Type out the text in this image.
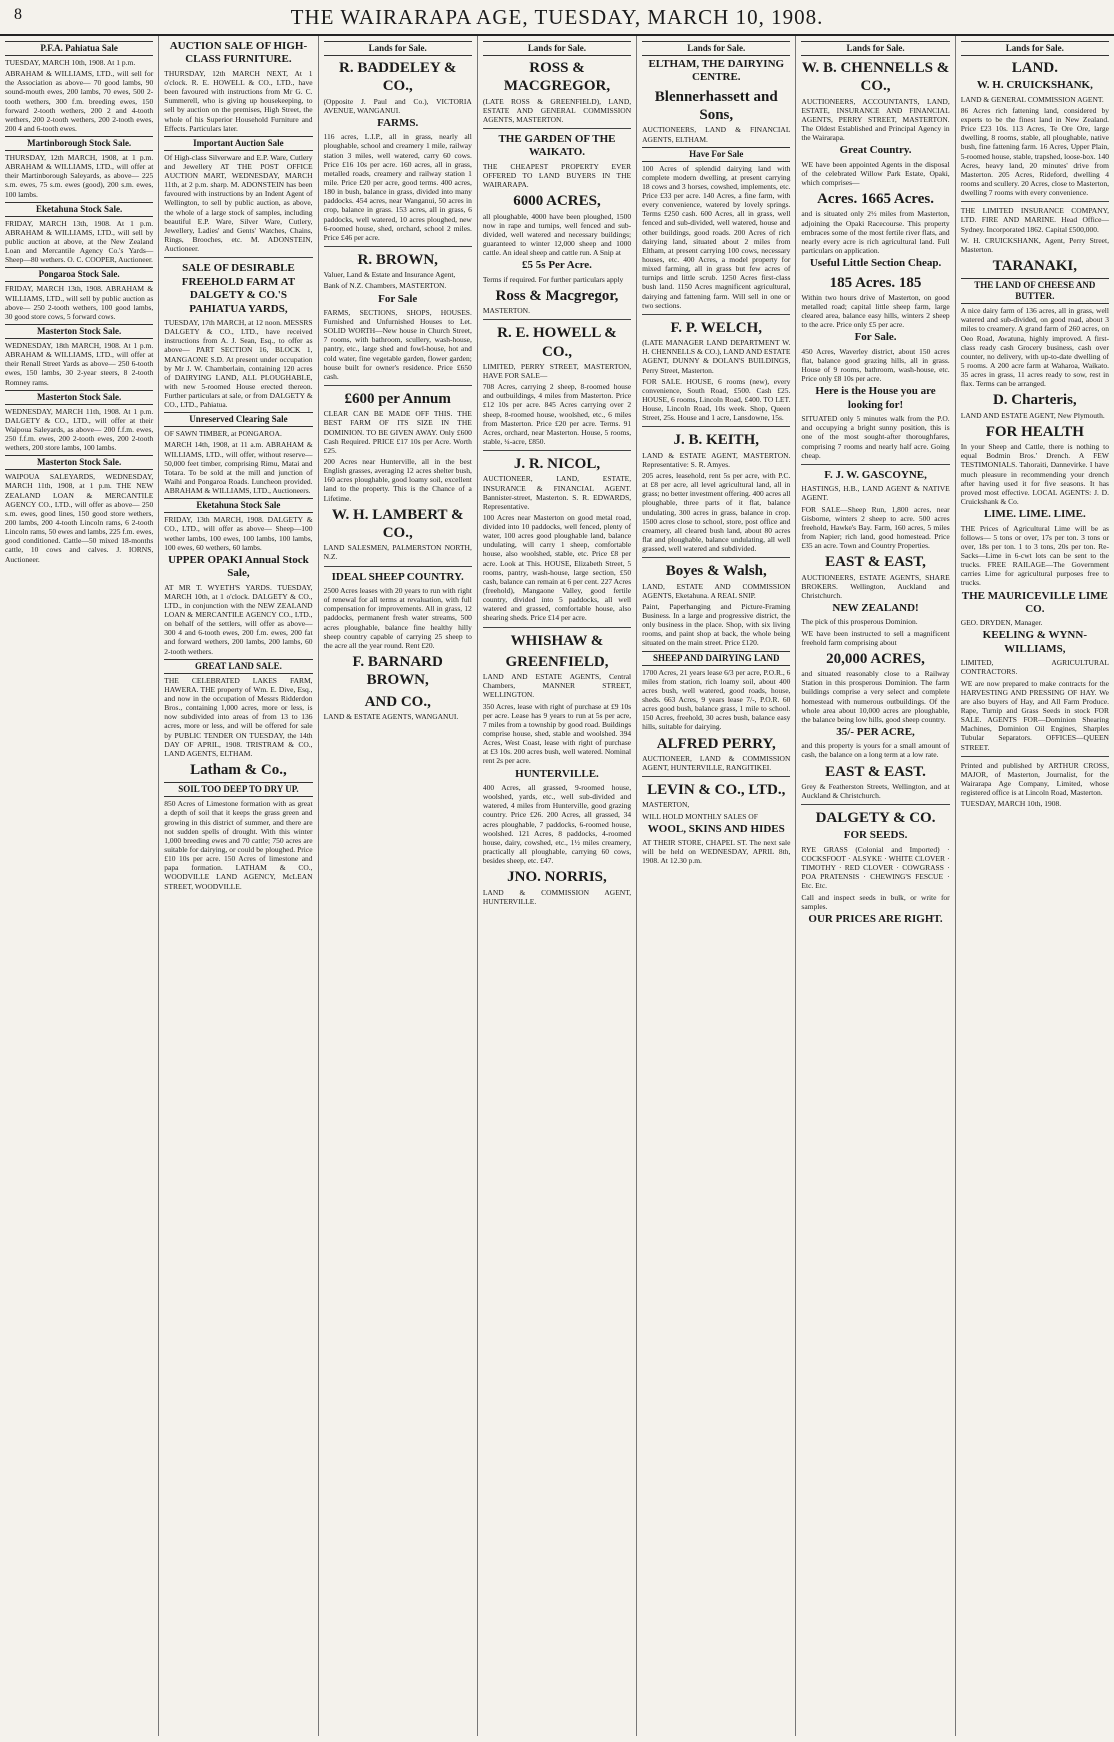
8	THE WAIRARAPA AGE, TUESDAY, MARCH 10, 1908.
P.F.A. Pahiatua Sale

TUESDAY, MARCH 10th, 1908. At 1 p.m.

ABRAHAM & WILLIAMS, LTD., will sell for the Association as above— 70 good lambs, 90 sound-mouth ewes, 200 lambs, 70 ewes, 500 2-tooth wethers, 300 f.m. breeding ewes, 150 forward 2-tooth wethers, 200 2 and 4-tooth wethers, 200 2-tooth wethers, 200 2-tooth ewes, 200 4 and 6-tooth ewes.

Martinborough Stock Sale.

THURSDAY, 12th MARCH, 1908, at 1 p.m. ABRAHAM & WILLIAMS, LTD., will offer at their Martinborough Saleyards, as above— 225 s.m. ewes, 75 s.m. ewes (good), 200 s.m. ewes, 100 lambs.

Eketahuna Stock Sale.

FRIDAY, MARCH 13th, 1908. At 1 p.m. ABRAHAM & WILLIAMS, LTD., will sell by public auction at above, at the New Zealand Loan and Mercantile Agency Co.'s Yards— Sheep—80 wethers. O. C. COOPER, Auctioneer.

Pongaroa Stock Sale.

FRIDAY, MARCH 13th, 1908. ABRAHAM & WILLIAMS, LTD., will sell by public auction as above— 250 2-tooth wethers, 100 good lambs, 30 good store cows, 5 forward cows.

Masterton Stock Sale.

WEDNESDAY, 18th MARCH, 1908. At 1 p.m. ABRAHAM & WILLIAMS, LTD., will offer at their Renall Street Yards as above— 250 6-tooth ewes, 150 lambs, 30 2-year steers, 8 2-tooth Romney rams.

Masterton Stock Sale.

WEDNESDAY, MARCH 11th, 1908. At 1 p.m. DALGETY & CO., LTD., will offer at their Waipoua Saleyards, as above— 200 f.f.m. ewes, 250 f.f.m. ewes, 200 2-tooth ewes, 200 2-tooth wethers, 200 store lambs, 100 lambs.

Masterton Stock Sale.

WAIPOUA SALEYARDS, WEDNESDAY, MARCH 11th, 1908, at 1 p.m. THE NEW ZEALAND LOAN & MERCANTILE AGENCY CO., LTD., will offer as above— 250 s.m. ewes, good lines, 150 good store wethers, 200 lambs, 200 4-tooth Lincoln rams, 6 2-tooth Lincoln rams, 50 ewes and lambs, 225 f.m. ewes, good conditioned. Cattle—50 mixed 18-months cattle, 10 cows and calves. J. IORNS, Auctioneer.

AUCTION SALE OF HIGH-CLASS FURNITURE.

THURSDAY, 12th MARCH NEXT, At 1 o'clock. R. E. HOWELL & CO., LTD., have been favoured with instructions from Mr G. C. Summerell, who is giving up housekeeping, to sell by auction on the premises, High Street, the whole of his Superior Household Furniture and Effects. Particulars later.

Important Auction Sale

Of High-class Silverware and E.P. Ware, Cutlery and Jewellery AT THE POST OFFICE AUCTION MART, WEDNESDAY, MARCH 11th, at 2 p.m. sharp. M. ADONSTEIN has been favoured with instructions by an Indent Agent of Wellington, to sell by public auction, as above, the whole of a large stock of samples, including beautiful E.P. Ware, Silver Ware, Cutlery, Jewellery, Ladies' and Gents' Watches, Chains, Rings, Brooches, etc. M. ADONSTEIN, Auctioneer.

SALE OF DESIRABLE FREEHOLD FARM AT DALGETY & CO.'S PAHIATUA YARDS,

TUESDAY, 17th MARCH, at 12 noon. MESSRS DALGETY & CO., LTD., have received instructions from A. J. Sean, Esq., to offer as above— PART SECTION 16, BLOCK 1, MANGAONE S.D. At present under occupation by Mr J. W. Chamberlain, containing 120 acres of DAIRYING LAND, ALL PLOUGHABLE, with new 5-roomed House erected thereon. Further particulars at sale, or from DALGETY & CO., LTD., Pahiatua.

Unreserved Clearing Sale

OF SAWN TIMBER, at PONGAROA.

MARCH 14th, 1908, at 11 a.m. ABRAHAM & WILLIAMS, LTD., will offer, without reserve— 50,000 feet timber, comprising Rimu, Matai and Totara. To be sold at the mill and junction of Waihi and Pongaroa Roads. Luncheon provided. ABRAHAM & WILLIAMS, LTD., Auctioneers.

Eketahuna Stock Sale

FRIDAY, 13th MARCH, 1908. DALGETY & CO., LTD., will offer as above— Sheep—100 wether lambs, 100 ewes, 100 lambs, 100 lambs, 100 ewes, 60 wethers, 60 lambs.

UPPER OPAKI Annual Stock Sale,

AT MR T. WYETH'S YARDS. TUESDAY, MARCH 10th, at 1 o'clock. DALGETY & CO., LTD., in conjunction with the NEW ZEALAND LOAN & MERCANTILE AGENCY CO., LTD., on behalf of the settlers, will offer as above— 300 4 and 6-tooth ewes, 200 f.m. ewes, 200 fat and forward wethers, 200 lambs, 200 lambs, 60 2-tooth wethers.

GREAT LAND SALE.

THE CELEBRATED LAKES FARM, HAWERA. THE property of Wm. E. Dive, Esq., and now in the occupation of Messrs Ridderdon Bros., containing 1,000 acres, more or less, is now subdivided into areas of from 13 to 136 acres, more or less, and will be offered for sale by PUBLIC TENDER ON TUESDAY, the 14th DAY OF APRIL, 1908. TRISTRAM & CO., LAND AGENTS, ELTHAM.

Latham & Co.,
SOIL TOO DEEP TO DRY UP.

850 Acres of Limestone formation with as great a depth of soil that it keeps the grass green and growing in this district of summer, and there are not sudden spells of drought. With this winter 1,000 breeding ewes and 70 cattle; 750 acres are suitable for dairying, or could be ploughed. Price £10 10s per acre. 150 Acres of limestone and papa formation. LATHAM & CO., WOODVILLE LAND AGENCY, McLEAN STREET, WOODVILLE.

Lands for Sale.
R. BADDELEY & CO.,

(Opposite J. Paul and Co.), VICTORIA AVENUE, WANGANUI.

FARMS.

116 acres, L.I.P., all in grass, nearly all ploughable, school and creamery 1 mile, railway station 3 miles, well watered, carry 60 cows. Price £16 10s per acre. 160 acres, all in grass, metalled roads, creamery and railway station 1 mile. Price £20 per acre, good terms. 400 acres, 180 in bush, balance in grass, divided into many paddocks. 454 acres, near Wanganui, 50 acres in crop, balance in grass. 153 acres, all in grass, 6 paddocks, well watered, 10 acres ploughed, new 6-roomed house, shed, orchard, school 2 miles. Price £46 per acre.

R. BROWN,

Valuer, Land & Estate and Insurance Agent,

Bank of N.Z. Chambers, MASTERTON.

For Sale

FARMS, SECTIONS, SHOPS, HOUSES. Furnished and Unfurnished Houses to Let. SOLID WORTH—New house in Church Street, 7 rooms, with bathroom, scullery, wash-house, pantry, etc., large shed and fowl-house, hot and cold water, fine vegetable garden, flower garden; house built for owner's residence. Price £650 cash.

£600 per Annum

CLEAR CAN BE MADE OFF THIS. THE BEST FARM OF ITS SIZE IN THE DOMINION. TO BE GIVEN AWAY. Only £600 Cash Required. PRICE £17 10s per Acre. Worth £25.

200 Acres near Hunterville, all in the best English grasses, averaging 12 acres shelter bush, 160 acres ploughable, good loamy soil, excellent land to the property. This is the Chance of a Lifetime.

W. H. LAMBERT & CO.,

LAND SALESMEN, PALMERSTON NORTH, N.Z.

IDEAL SHEEP COUNTRY.

2500 Acres leases with 20 years to run with right of renewal for all terms at revaluation, with full compensation for improvements. All in grass, 12 paddocks, permanent fresh water streams, 500 acres ploughable, balance fine healthy hilly sheep country capable of carrying 25 sheep to the acre all the year round. Rent £20.

F. BARNARD BROWN,
AND CO.,

LAND & ESTATE AGENTS, WANGANUI.

Lands for Sale.
ROSS & MACGREGOR,

(LATE ROSS & GREENFIELD), LAND, ESTATE AND GENERAL COMMISSION AGENTS, MASTERTON.

THE GARDEN OF THE WAIKATO.

THE CHEAPEST PROPERTY EVER OFFERED TO LAND BUYERS IN THE WAIRARAPA.

6000 ACRES,

all ploughable, 4000 have been ploughed, 1500 now in rape and turnips, well fenced and sub-divided, well watered and necessary buildings; guaranteed to winter 12,000 sheep and 1000 cattle. An ideal sheep and cattle run. A Snip at

£5 5s Per Acre.

Terms if required. For further particulars apply

Ross & Macgregor,

MASTERTON.

R. E. HOWELL & CO.,

LIMITED, PERRY STREET, MASTERTON, HAVE FOR SALE—

708 Acres, carrying 2 sheep, 8-roomed house and outbuildings, 4 miles from Masterton. Price £12 10s per acre. 845 Acres carrying over 2 sheep, 8-roomed house, woolshed, etc., 6 miles from Masterton. Price £20 per acre. Terms. 91 Acres, orchard, near Masterton. House, 5 rooms, stable, ¼-acre, £850.

J. R. NICOL,

AUCTIONEER, LAND, ESTATE, INSURANCE & FINANCIAL AGENT. Bannister-street, Masterton. S. R. EDWARDS, Representative.

100 Acres near Masterton on good metal road, divided into 10 paddocks, well fenced, plenty of water, 100 acres good ploughable land, balance undulating, will carry 1 sheep, comfortable house, also woolshed, stable, etc. Price £8 per acre. Look at This. HOUSE, Elizabeth Street, 5 rooms, pantry, wash-house, large section, £50 cash, balance can remain at 6 per cent. 227 Acres (freehold), Mangaone Valley, good fertile country, divided into 5 paddocks, all well watered and grassed, comfortable house, also shearing sheds. Price £14 per acre.

WHISHAW &
GREENFIELD,

LAND AND ESTATE AGENTS, Central Chambers, MANNER STREET, WELLINGTON.

350 Acres, lease with right of purchase at £9 10s per acre. Lease has 9 years to run at 5s per acre, 7 miles from a township by good road. Buildings comprise house, shed, stable and woolshed. 394 Acres, West Coast, lease with right of purchase at £3 10s. 200 acres bush, well watered. Nominal rent 2s per acre.

HUNTERVILLE.

400 Acres, all grassed, 9-roomed house, woolshed, yards, etc., well sub-divided and watered, 4 miles from Hunterville, good grazing country. Price £26. 200 Acres, all grassed, 34 acres ploughable, 7 paddocks, 6-roomed house, woolshed. 121 Acres, 8 paddocks, 4-roomed house, dairy, cowshed, etc., 1½ miles creamery, practically all ploughable, carrying 60 cows, besides sheep, etc. £47.

JNO. NORRIS,

LAND & COMMISSION AGENT, HUNTERVILLE.

Lands for Sale.
ELTHAM, THE DAIRYING CENTRE.
Blennerhassett and Sons,

AUCTIONEERS, LAND & FINANCIAL AGENTS, ELTHAM.

Have For Sale

100 Acres of splendid dairying land with complete modern dwelling, at present carrying 18 cows and 3 horses, cowshed, implements, etc. Price £33 per acre. 140 Acres, a fine farm, with every convenience, watered by lovely springs. Terms £250 cash. 600 Acres, all in grass, well fenced and sub-divided, well watered, house and other buildings, good roads. 200 Acres of rich dairying land, situated about 2 miles from Eltham, at present carrying 100 cows, necessary houses, etc. 400 Acres, a model property for mixed farming, all in grass but few acres of turnips and little scrub. 1250 Acres first-class bush land. 1150 Acres magnificent agricultural, dairying and fattening farm. Will sell in one or two sections.

F. P. WELCH,

(LATE MANAGER LAND DEPARTMENT W. H. CHENNELLS & CO.), LAND AND ESTATE AGENT, DUNNY & DOLAN'S BUILDINGS, Perry Street, Masterton.

FOR SALE. HOUSE, 6 rooms (new), every convenience, South Road, £500. Cash £25. HOUSE, 6 rooms, Lincoln Road, £400. TO LET. House, Lincoln Road, 10s week. Shop, Queen Street, 25s. House and 1 acre, Lansdowne, 15s.

J. B. KEITH,

LAND & ESTATE AGENT, MASTERTON. Representative: S. R. Amyes.

205 acres, leasehold, rent 5s per acre, with P.C. at £8 per acre, all level agricultural land, all in grass; no better investment offering. 400 acres all ploughable, three parts of it flat, balance undulating, 300 acres in grass, balance in crop. 1500 acres close to school, store, post office and creamery, all cleared bush land, about 80 acres flat and ploughable, balance undulating, all well grassed, well watered and subdivided.

Boyes & Walsh,

LAND, ESTATE AND COMMISSION AGENTS, Eketahuna. A REAL SNIP.

Paint, Paperhanging and Picture-Framing Business. In a large and progressive district, the only business in the place. Shop, with six living rooms, and paint shop at back, the whole being situated on the main street. Price £120.

SHEEP AND DAIRYING LAND

1700 Acres, 21 years lease 6/3 per acre, P.O.R., 6 miles from station, rich loamy soil, about 400 acres bush, well watered, good roads, house, sheds. 663 Acres, 9 years lease 7/-, P.O.R. 60 acres good bush, balance grass, 1 mile to school. 150 Acres, freehold, 30 acres bush, balance easy hills, suitable for dairying.

ALFRED PERRY,

AUCTIONEER, LAND & COMMISSION AGENT, HUNTERVILLE, RANGITIKEI.

LEVIN & CO., LTD.,

MASTERTON,

WILL HOLD MONTHLY SALES OF

WOOL, SKINS AND HIDES

AT THEIR STORE, CHAPEL ST. The next sale will be held on WEDNESDAY, APRIL 8th, 1908. At 12.30 p.m.

Lands for Sale.
W. B. CHENNELLS & CO.,

AUCTIONEERS, ACCOUNTANTS, LAND, ESTATE, INSURANCE AND FINANCIAL AGENTS, PERRY STREET, MASTERTON. The Oldest Established and Principal Agency in the Wairarapa.

Great Country.

WE have been appointed Agents in the disposal of the celebrated Willow Park Estate, Opaki, which comprises—

Acres. 1665 Acres.

and is situated only 2½ miles from Masterton, adjoining the Opaki Racecourse. This property embraces some of the most fertile river flats, and nearly every acre is rich agricultural land. Full particulars on application.

Useful Little Section Cheap.
185 Acres. 185

Within two hours drive of Masterton, on good metalled road; capital little sheep farm, large cleared area, balance easy hills, winters 2 sheep to the acre. Price only £5 per acre.

For Sale.

450 Acres, Waverley district, about 150 acres flat, balance good grazing hills, all in grass. House of 9 rooms, bathroom, wash-house, etc. Price only £8 10s per acre.

Here is the House you are looking for!

SITUATED only 5 minutes walk from the P.O. and occupying a bright sunny position, this is one of the most sought-after thoroughfares, comprising 7 rooms and nearly half acre. Going cheap.

F. J. W. GASCOYNE,

HASTINGS, H.B., LAND AGENT & NATIVE AGENT.

FOR SALE—Sheep Run, 1,800 acres, near Gisborne, winters 2 sheep to acre. 500 acres freehold, Hawke's Bay. Farm, 160 acres, 5 miles from Napier; rich land, good homestead. Price £35 an acre. Town and Country Properties.

EAST & EAST,

AUCTIONEERS, ESTATE AGENTS, SHARE BROKERS. Wellington, Auckland and Christchurch.

NEW ZEALAND!

The pick of this prosperous Dominion.

WE have been instructed to sell a magnificent freehold farm comprising about

20,000 ACRES,

and situated reasonably close to a Railway Station in this prosperous Dominion. The farm buildings comprise a very select and complete homestead with numerous outbuildings. Of the whole area about 10,000 acres are ploughable, the balance being low hills, good sheep country.

35/- PER ACRE,

and this property is yours for a small amount of cash, the balance on a long term at a low rate.

EAST & EAST.

Grey & Featherston Streets, Wellington, and at Auckland & Christchurch.

DALGETY & CO.
FOR SEEDS.

RYE GRASS (Colonial and Imported) · COCKSFOOT · ALSYKE · WHITE CLOVER · TIMOTHY · RED CLOVER · COWGRASS · POA PRATENSIS · CHEWING'S FESCUE · Etc. Etc.

Call and inspect seeds in bulk, or write for samples.

OUR PRICES ARE RIGHT.
Lands for Sale.
LAND.
W. H. CRUICKSHANK,

LAND & GENERAL COMMISSION AGENT.

86 Acres rich fattening land, considered by experts to be the finest land in New Zealand. Price £23 10s. 113 Acres, Te Ore Ore, large dwelling, 8 rooms, stable, all ploughable, native bush, fine fattening farm. 16 Acres, Upper Plain, 5-roomed house, stable, trapshed, loose-box. 140 Acres, heavy land, 20 minutes' drive from Masterton. 205 Acres, Rideford, dwelling 4 rooms and scullery. 20 Acres, close to Masterton, dwelling 7 rooms with every convenience.

THE LIMITED INSURANCE COMPANY, LTD. FIRE AND MARINE. Head Office—Sydney. Incorporated 1862. Capital £500,000.

W. H. CRUICKSHANK, Agent, Perry Street, Masterton.

TARANAKI,
THE LAND OF CHEESE AND BUTTER.

A nice dairy farm of 136 acres, all in grass, well watered and sub-divided, on good road, about 3 miles to creamery. A grand farm of 260 acres, on Oeo Road, Awatuna, highly improved. A first-class ready cash Grocery business, cash over counter, no delivery, with up-to-date dwelling of 5 rooms. A 200 acre farm at Waharoa, Waikato. 35 acres in grass, 11 acres ready to sow, rest in flax. Terms can be arranged.

D. Charteris,

LAND AND ESTATE AGENT, New Plymouth.

FOR HEALTH

In your Sheep and Cattle, there is nothing to equal Bodmin Bros.' Drench. A FEW TESTIMONIALS. Tahoraiti, Dannevirke. I have much pleasure in recommending your drench after having used it for five seasons. It has proved most effective. LOCAL AGENTS: J. D. Cruickshank & Co.

LIME. LIME. LIME.

THE Prices of Agricultural Lime will be as follows— 5 tons or over, 17s per ton. 3 tons or over, 18s per ton. 1 to 3 tons, 20s per ton. Re-Sacks—Lime in 6-cwt lots can be sent to the trucks. FREE RAILAGE—The Government carries Lime for agricultural purposes free to trucks.

THE MAURICEVILLE LIME CO.

GEO. DRYDEN, Manager.

KEELING & WYNN-WILLIAMS,

LIMITED, AGRICULTURAL CONTRACTORS.

WE are now prepared to make contracts for the HARVESTING AND PRESSING OF HAY. We are also buyers of Hay, and All Farm Produce. Rape, Turnip and Grass Seeds in stock FOR SALE. AGENTS FOR—Dominion Shearing Machines, Dominion Oil Engines, Sharples Tubular Separators. OFFICES—QUEEN STREET.

Printed and published by ARTHUR CROSS, MAJOR, of Masterton, Journalist, for the Wairarapa Age Company, Limited, whose registered office is at Lincoln Road, Masterton.

TUESDAY, MARCH 10th, 1908.
